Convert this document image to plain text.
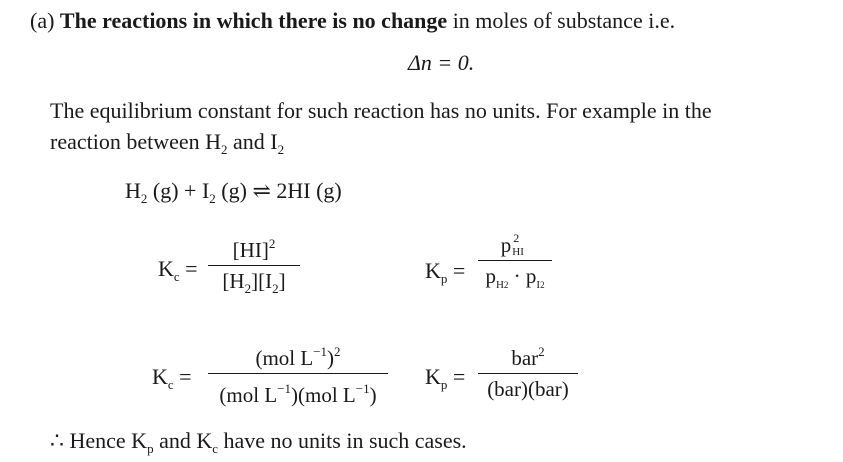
(a) The reactions in which there is no change in moles of substance i.e.
Δn = 0.
The equilibrium constant for such reaction has no units. For example in the
reaction between $H_2$ and $I_2$
$H_2$ $(g) + I_2$ (g) ⇌ 2HI (g)
$K_c$ =
[HI]$^2$
$[H_2][I_2]$	$K_p$ =
p 2
HI
$p_{H2} \cdot p_{I2}$
$K_c$ =
(mol $L^{-1})^2$
(mol $L^{-1})(mol$ $L^{-1}$)
$K_p$ =
bar$^2$
(bar)(bar)
∴ Hence $K_p$ and $K_c$ have no units in such cases.
